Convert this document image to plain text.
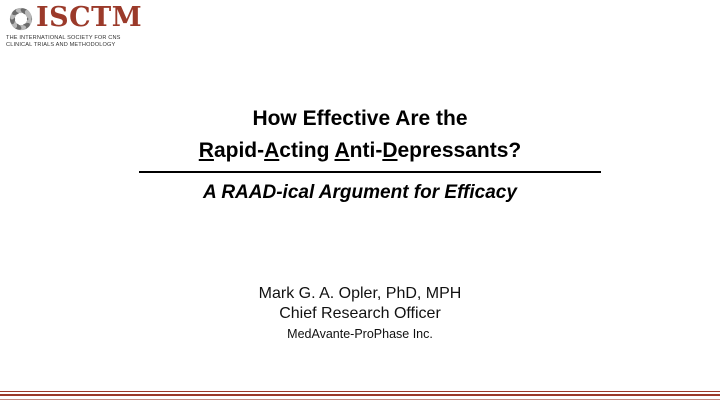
ISCTM
THE INTERNATIONAL SOCIETY FOR CNS
CLINICAL TRIALS AND METHODOLOGY
How Effective Are the
Rapid-Acting Anti-Depressants?
A RAAD-ical Argument for Efficacy
Mark G. A. Opler, PhD, MPH
Chief Research Officer
MedAvante-ProPhase Inc.
